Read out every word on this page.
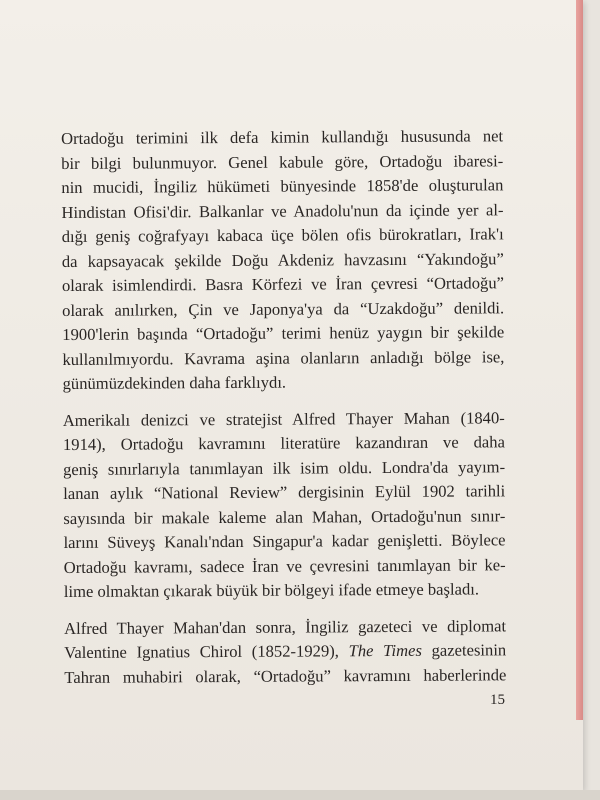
Ortadoğu terimini ilk defa kimin kullandığı hususunda net
bir bilgi bulunmuyor. Genel kabule göre, Ortadoğu ibaresi-
nin mucidi, İngiliz hükümeti bünyesinde 1858'de oluşturulan
Hindistan Ofisi'dir. Balkanlar ve Anadolu'nun da içinde yer al-
dığı geniş coğrafyayı kabaca üçe bölen ofis bürokratları, Irak'ı
da kapsayacak şekilde Doğu Akdeniz havzasını “Yakındoğu”
olarak isimlendirdi. Basra Körfezi ve İran çevresi “Ortadoğu”
olarak anılırken, Çin ve Japonya'ya da “Uzakdoğu” denildi.
1900'lerin başında “Ortadoğu” terimi henüz yaygın bir şekilde
kullanılmıyordu. Kavrama aşina olanların anladığı bölge ise,
günümüzdekinden daha farklıydı.

Amerikalı denizci ve stratejist Alfred Thayer Mahan (1840-
1914), Ortadoğu kavramını literatüre kazandıran ve daha
geniş sınırlarıyla tanımlayan ilk isim oldu. Londra'da yayım-
lanan aylık “National Review” dergisinin Eylül 1902 tarihli
sayısında bir makale kaleme alan Mahan, Ortadoğu'nun sınır-
larını Süveyş Kanalı'ndan Singapur'a kadar genişletti. Böylece
Ortadoğu kavramı, sadece İran ve çevresini tanımlayan bir ke-
lime olmaktan çıkarak büyük bir bölgeyi ifade etmeye başladı.

Alfred Thayer Mahan'dan sonra, İngiliz gazeteci ve diplomat
Valentine Ignatius Chirol (1852-1929), The Times gazetesinin
Tahran muhabiri olarak, “Ortadoğu” kavramını haberlerinde

15
